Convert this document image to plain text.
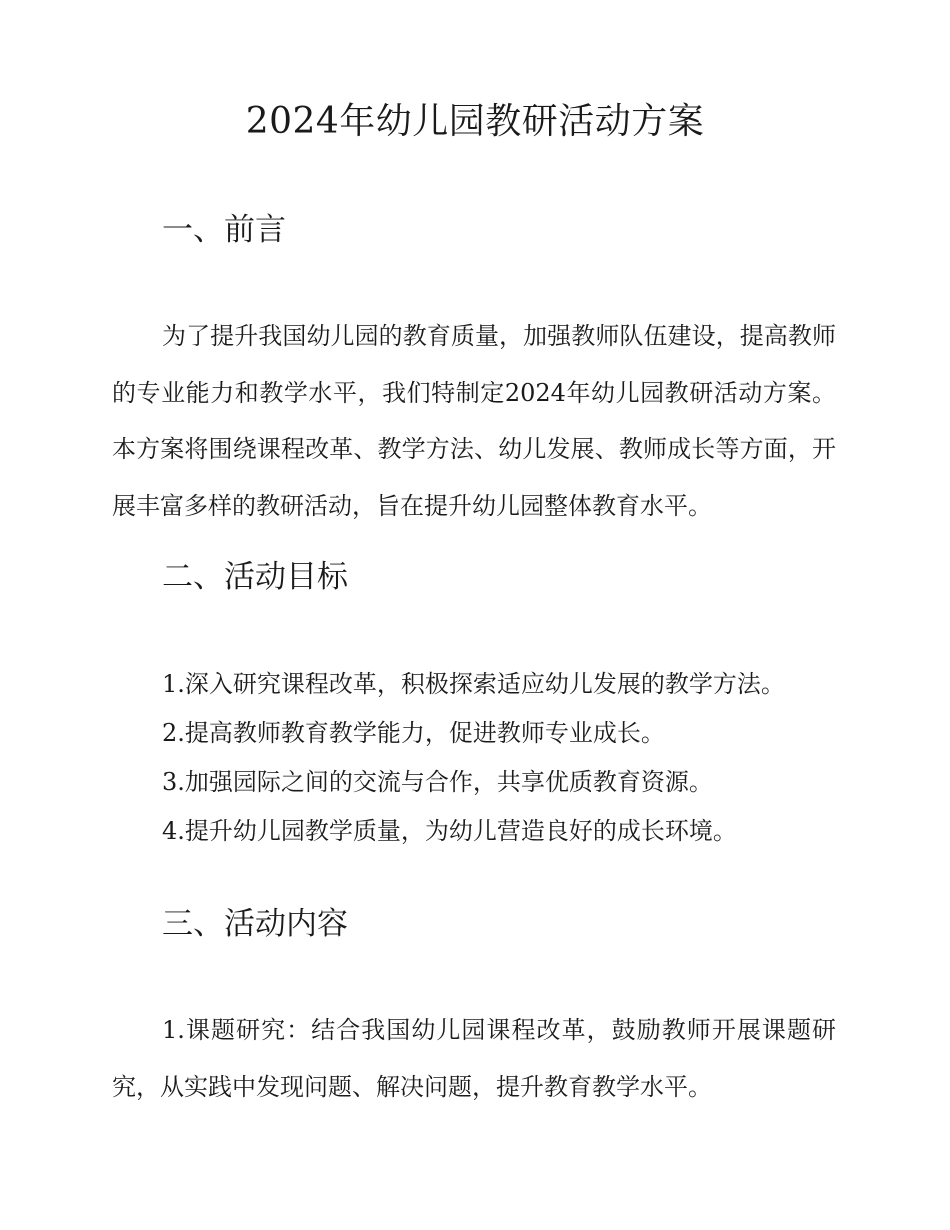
2024年幼儿园教研活动方案
一、前言

为了提升我国幼儿园的教育质量，加强教师队伍建设，提高教师的专业能力和教学水平，我们特制定2024年幼儿园教研活动方案。本方案将围绕课程改革、教学方法、幼儿发展、教师成长等方面，开展丰富多样的教研活动，旨在提升幼儿园整体教育水平。

二、活动目标
1.深入研究课程改革，积极探索适应幼儿发展的教学方法。
2.提高教师教育教学能力，促进教师专业成长。
3.加强园际之间的交流与合作，共享优质教育资源。
4.提升幼儿园教学质量，为幼儿营造良好的成长环境。
三、活动内容

1.课题研究：结合我国幼儿园课程改革，鼓励教师开展课题研究，从实践中发现问题、解决问题，提升教育教学水平。
